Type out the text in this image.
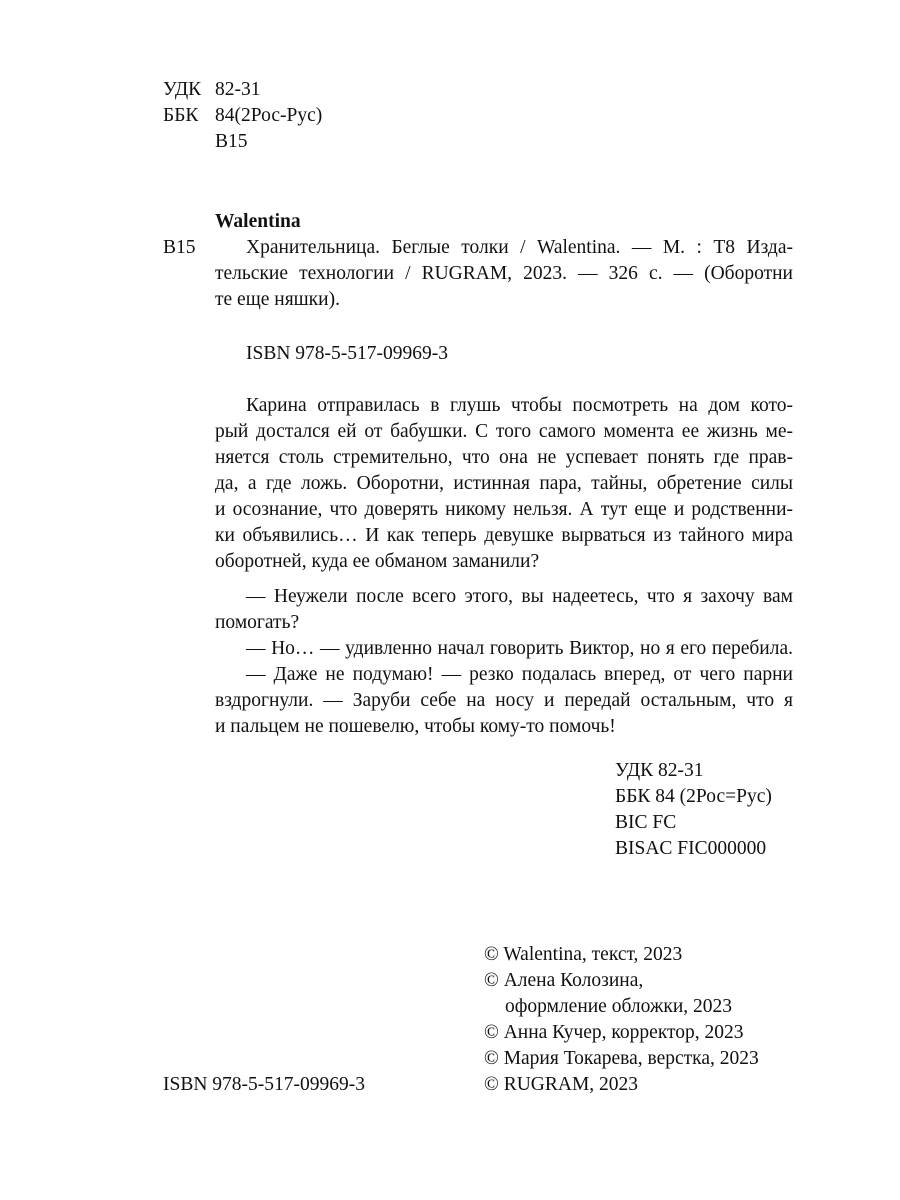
УДК 82-31
ББК 84(2Рос-Рус)
В15
Walentina
В15	Хранительница. Беглые толки / Walentina. — М. : Т8 Изда-
тельские технологии / RUGRAM, 2023. — 326 с. — (Оборотни
те еще няшки).
ISBN 978-5-517-09969-3
Карина отправилась в глушь чтобы посмотреть на дом кото-
рый достался ей от бабушки. С того самого момента ее жизнь ме-
няется столь стремительно, что она не успевает понять где прав-
да, а где ложь. Оборотни, истинная пара, тайны, обретение силы
и осознание, что доверять никому нельзя. А тут еще и родственни-
ки объявились… И как теперь девушке вырваться из тайного мира
оборотней, куда ее обманом заманили?
— Неужели после всего этого, вы надеетесь, что я захочу вам
помогать?
— Но… — удивленно начал говорить Виктор, но я его перебила.
— Даже не подумаю! — резко подалась вперед, от чего парни
вздрогнули. — Заруби себе на носу и передай остальным, что я
и пальцем не пошевелю, чтобы кому-то помочь!
УДК 82-31
ББК 84 (2Рос=Рус)
BIC FC
BISAC FIC000000
ISBN 978-5-517-09969-3
© Walentina, текст, 2023
© Алена Колозина,
оформление обложки, 2023
© Анна Кучер, корректор, 2023
© Мария Токарева, верстка, 2023
© RUGRAM, 2023
